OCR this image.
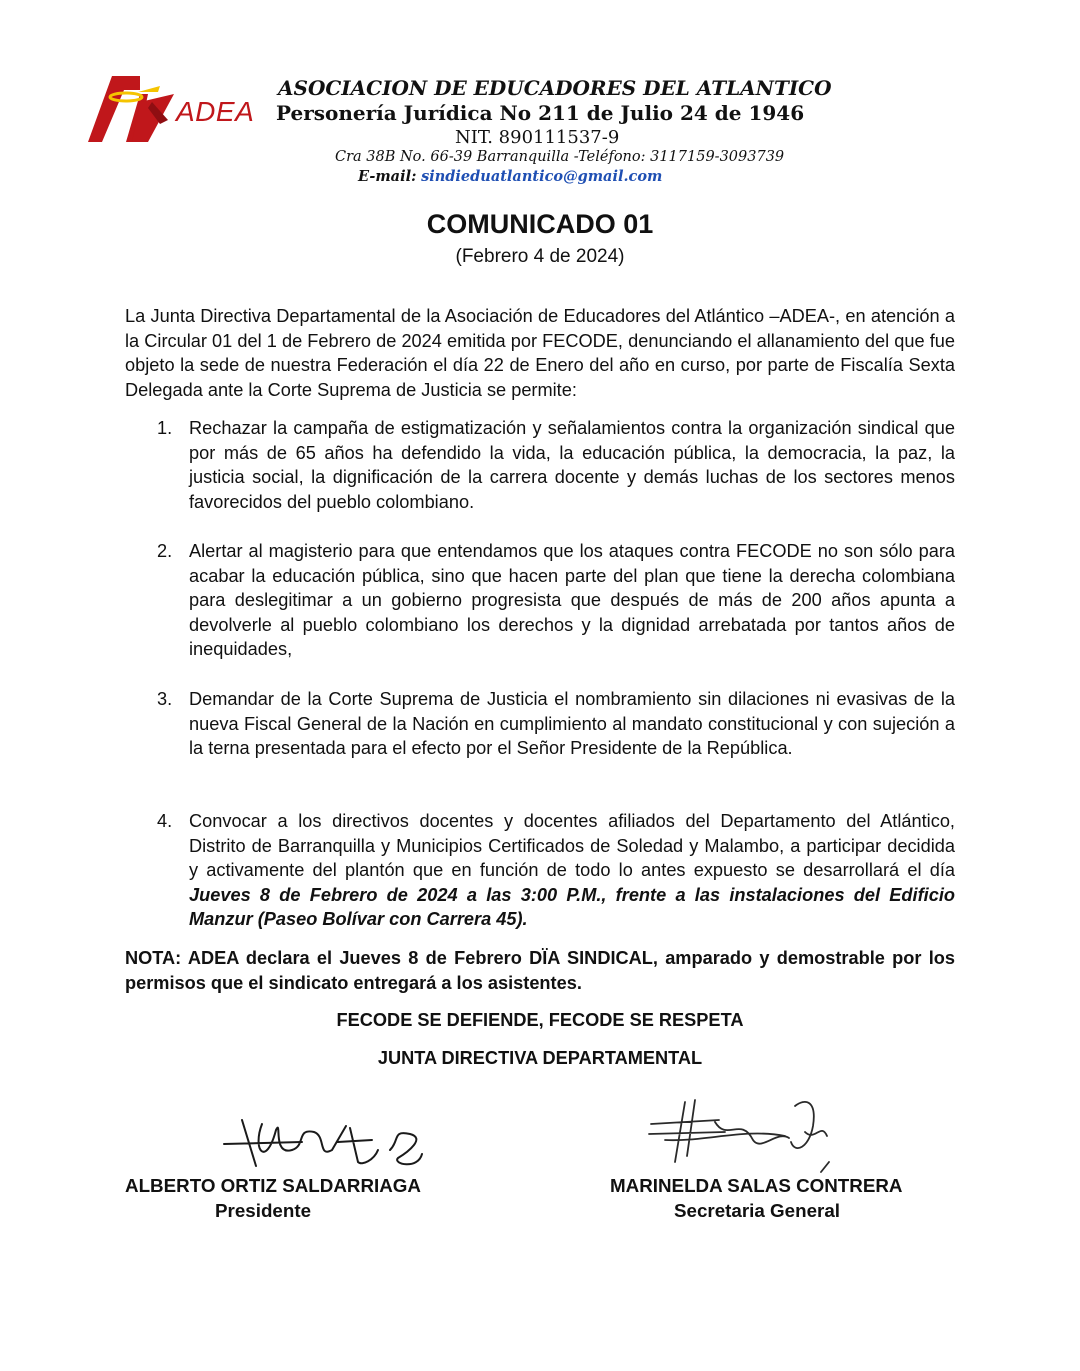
ADEA
ASOCIACION DE EDUCADORES DEL ATLANTICO
Personería Jurídica No 211 de Julio 24 de 1946
NIT. 890111537-9
Cra 38B No. 66-39 Barranquilla -Teléfono: 3117159-3093739
E-mail: sindieduatlantico@gmail.com
COMUNICADO 01
(Febrero 4 de 2024)
La Junta Directiva Departamental de la Asociación de Educadores del Atlántico –ADEA-, en atención a la Circular 01 del 1 de Febrero de 2024 emitida por FECODE, denunciando el allanamiento del que fue objeto la sede de nuestra Federación el día 22 de Enero del año en curso, por parte de Fiscalía Sexta Delegada ante la Corte Suprema de Justicia se permite:
1. Rechazar la campaña de estigmatización y señalamientos contra la organización sindical que por más de 65 años ha defendido la vida, la educación pública, la democracia, la paz, la justicia social, la dignificación de la carrera docente y demás luchas de los sectores menos favorecidos del pueblo colombiano.
2. Alertar al magisterio para que entendamos que los ataques contra FECODE no son sólo para acabar la educación pública, sino que hacen parte del plan que tiene la derecha colombiana para deslegitimar a un gobierno progresista que después de más de 200 años apunta a devolverle al pueblo colombiano los derechos y la dignidad arrebatada por tantos años de inequidades,
3. Demandar de la Corte Suprema de Justicia el nombramiento sin dilaciones ni evasivas de la nueva Fiscal General de la Nación en cumplimiento al mandato constitucional y con sujeción a la terna presentada para el efecto por el Señor Presidente de la República.
4. Convocar a los directivos docentes y docentes afiliados del Departamento del Atlántico, Distrito de Barranquilla y Municipios Certificados de Soledad y Malambo, a participar decidida y activamente del plantón que en función de todo lo antes expuesto se desarrollará el día Jueves 8 de Febrero de 2024 a las 3:00 P.M., frente a las instalaciones del Edificio Manzur (Paseo Bolívar con Carrera 45).
NOTA: ADEA declara el Jueves 8 de Febrero DÏA SINDICAL, amparado y demostrable por los permisos que el sindicato entregará a los asistentes.
FECODE SE DEFIENDE, FECODE SE RESPETA
JUNTA DIRECTIVA DEPARTAMENTAL
ALBERTO ORTIZ SALDARRIAGA
Presidente
MARINELDA SALAS CONTRERA
Secretaria General
